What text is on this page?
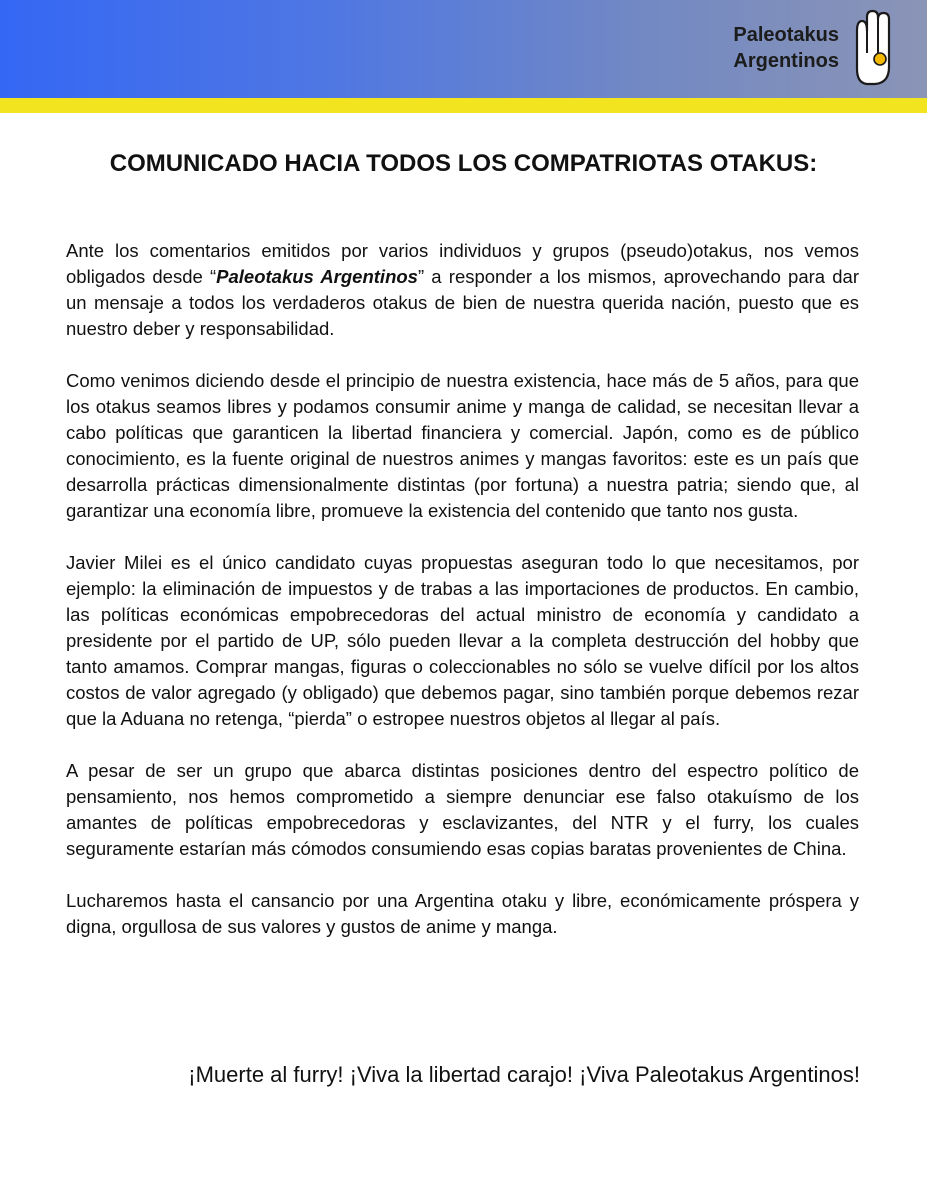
Paleotakus
Argentinos
COMUNICADO HACIA TODOS LOS COMPATRIOTAS OTAKUS:

Ante los comentarios emitidos por varios individuos y grupos (pseudo)otakus, nos vemos obligados desde “Paleotakus Argentinos” a responder a los mismos, aprovechando para dar un mensaje a todos los verdaderos otakus de bien de nuestra querida nación, puesto que es nuestro deber y responsabilidad.

Como venimos diciendo desde el principio de nuestra existencia, hace más de 5 años, para que los otakus seamos libres y podamos consumir anime y manga de calidad, se necesitan llevar a cabo políticas que garanticen la libertad financiera y comercial. Japón, como es de público conocimiento, es la fuente original de nuestros animes y mangas favoritos: este es un país que desarrolla prácticas dimensionalmente distintas (por fortuna) a nuestra patria; siendo que, al garantizar una economía libre, promueve la existencia del contenido que tanto nos gusta.

Javier Milei es el único candidato cuyas propuestas aseguran todo lo que necesitamos, por ejemplo: la eliminación de impuestos y de trabas a las importaciones de productos. En cambio, las políticas económicas empobrecedoras del actual ministro de economía y candidato a presidente por el partido de UP, sólo pueden llevar a la completa destrucción del hobby que tanto amamos. Comprar mangas, figuras o coleccionables no sólo se vuelve difícil por los altos costos de valor agregado (y obligado) que debemos pagar, sino también porque debemos rezar que la Aduana no retenga, “pierda” o estropee nuestros objetos al llegar al país.

A pesar de ser un grupo que abarca distintas posiciones dentro del espectro político de pensamiento, nos hemos comprometido a siempre denunciar ese falso otakuísmo de los amantes de políticas empobrecedoras y esclavizantes, del NTR y el furry, los cuales seguramente estarían más cómodos consumiendo esas copias baratas provenientes de China.

Lucharemos hasta el cansancio por una Argentina otaku y libre, económicamente próspera y digna, orgullosa de sus valores y gustos de anime y manga.

¡Muerte al furry! ¡Viva la libertad carajo! ¡Viva Paleotakus Argentinos!
